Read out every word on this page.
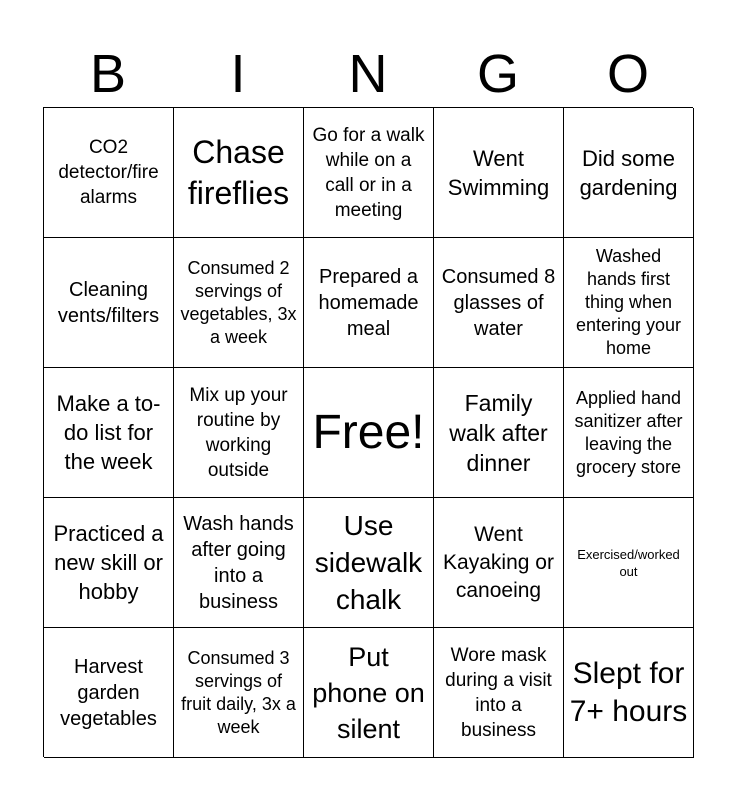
B	I	N	G	O
CO2 detector/fire alarms
Chase fireflies
Go for a walk while on a call or in a meeting
Went Swimming
Did some gardening
Cleaning vents/filters
Consumed 2 servings of vegetables, 3x a week
Prepared a homemade meal
Consumed 8 glasses of water
Washed hands first thing when entering your home
Make a to-do list for the week
Mix up your routine by working outside
Free!
Family walk after dinner
Applied hand sanitizer after leaving the grocery store
Practiced a new skill or hobby
Wash hands after going into a business
Use sidewalk chalk
Went Kayaking or canoeing
Exercised/worked out
Harvest garden vegetables
Consumed 3 servings of fruit daily, 3x a week
Put phone on silent
Wore mask during a visit into a business
Slept for 7+ hours
